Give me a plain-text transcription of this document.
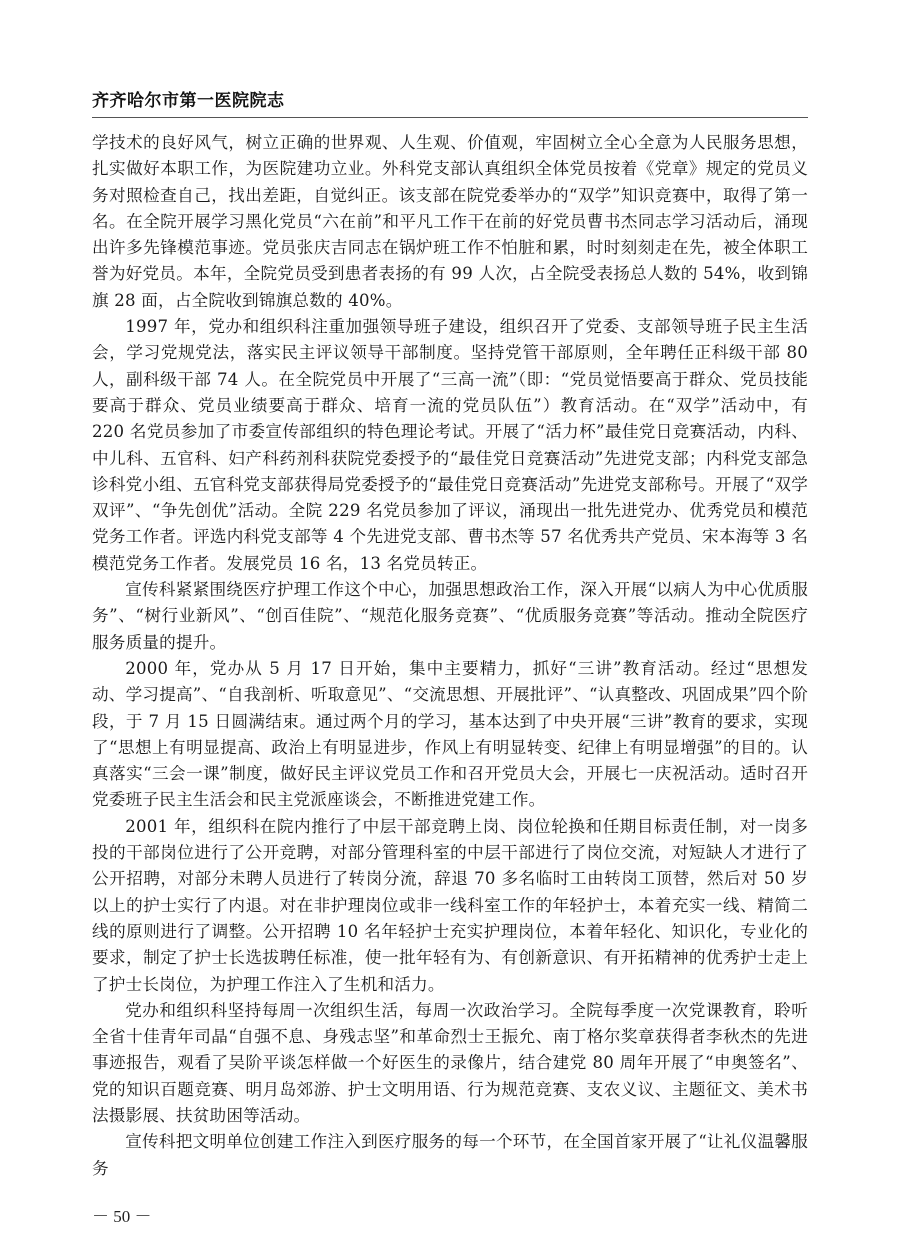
齐齐哈尔市第一医院院志

学技术的良好风气，树立正确的世界观、人生观、价值观，牢固树立全心全意为人民服务思想，扎实做好本职工作，为医院建功立业。外科党支部认真组织全体党员按着《党章》规定的党员义务对照检查自己，找出差距，自觉纠正。该支部在院党委举办的“双学”知识竞赛中，取得了第一名。在全院开展学习黑化党员“六在前”和平凡工作干在前的好党员曹书杰同志学习活动后，涌现出许多先锋模范事迹。党员张庆吉同志在锅炉班工作不怕脏和累，时时刻刻走在先，被全体职工誉为好党员。本年，全院党员受到患者表扬的有 99 人次，占全院受表扬总人数的 54%，收到锦旗 28 面，占全院收到锦旗总数的 40%。

1997 年，党办和组织科注重加强领导班子建设，组织召开了党委、支部领导班子民主生活会，学习党规党法，落实民主评议领导干部制度。坚持党管干部原则，全年聘任正科级干部 80 人，副科级干部 74 人。在全院党员中开展了“三高一流”（即：“党员觉悟要高于群众、党员技能要高于群众、党员业绩要高于群众、培育一流的党员队伍”）教育活动。在“双学”活动中，有 220 名党员参加了市委宣传部组织的特色理论考试。开展了“活力杯”最佳党日竞赛活动，内科、中儿科、五官科、妇产科药剂科获院党委授予的“最佳党日竞赛活动”先进党支部；内科党支部急诊科党小组、五官科党支部获得局党委授予的“最佳党日竞赛活动”先进党支部称号。开展了“双学双评”、“争先创优”活动。全院 229 名党员参加了评议，涌现出一批先进党办、优秀党员和模范党务工作者。评选内科党支部等 4 个先进党支部、曹书杰等 57 名优秀共产党员、宋本海等 3 名模范党务工作者。发展党员 16 名，13 名党员转正。

宣传科紧紧围绕医疗护理工作这个中心，加强思想政治工作，深入开展“以病人为中心优质服务”、“树行业新风”、“创百佳院”、“规范化服务竞赛”、“优质服务竞赛”等活动。推动全院医疗服务质量的提升。

2000 年，党办从 5 月 17 日开始，集中主要精力，抓好“三讲”教育活动。经过“思想发动、学习提高”、“自我剖析、听取意见”、“交流思想、开展批评”、“认真整改、巩固成果”四个阶段，于 7 月 15 日圆满结束。通过两个月的学习，基本达到了中央开展“三讲”教育的要求，实现了“思想上有明显提高、政治上有明显进步，作风上有明显转变、纪律上有明显增强”的目的。认真落实“三会一课”制度，做好民主评议党员工作和召开党员大会，开展七一庆祝活动。适时召开党委班子民主生活会和民主党派座谈会，不断推进党建工作。

2001 年，组织科在院内推行了中层干部竞聘上岗、岗位轮换和任期目标责任制，对一岗多投的干部岗位进行了公开竞聘，对部分管理科室的中层干部进行了岗位交流，对短缺人才进行了公开招聘，对部分未聘人员进行了转岗分流，辞退 70 多名临时工由转岗工顶替，然后对 50 岁以上的护士实行了内退。对在非护理岗位或非一线科室工作的年轻护士，本着充实一线、精简二线的原则进行了调整。公开招聘 10 名年轻护士充实护理岗位，本着年轻化、知识化，专业化的要求，制定了护士长选拔聘任标准，使一批年轻有为、有创新意识、有开拓精神的优秀护士走上了护士长岗位，为护理工作注入了生机和活力。

党办和组织科坚持每周一次组织生活，每周一次政治学习。全院每季度一次党课教育，聆听全省十佳青年司晶“自强不息、身残志坚”和革命烈士王振允、南丁格尔奖章获得者李秋杰的先进事迹报告，观看了吴阶平谈怎样做一个好医生的录像片，结合建党 80 周年开展了“申奥签名”、党的知识百题竞赛、明月岛郊游、护士文明用语、行为规范竞赛、支农义议、主题征文、美术书法摄影展、扶贫助困等活动。

宣传科把文明单位创建工作注入到医疗服务的每一个环节，在全国首家开展了“让礼仪温馨服务

－ 50 －
